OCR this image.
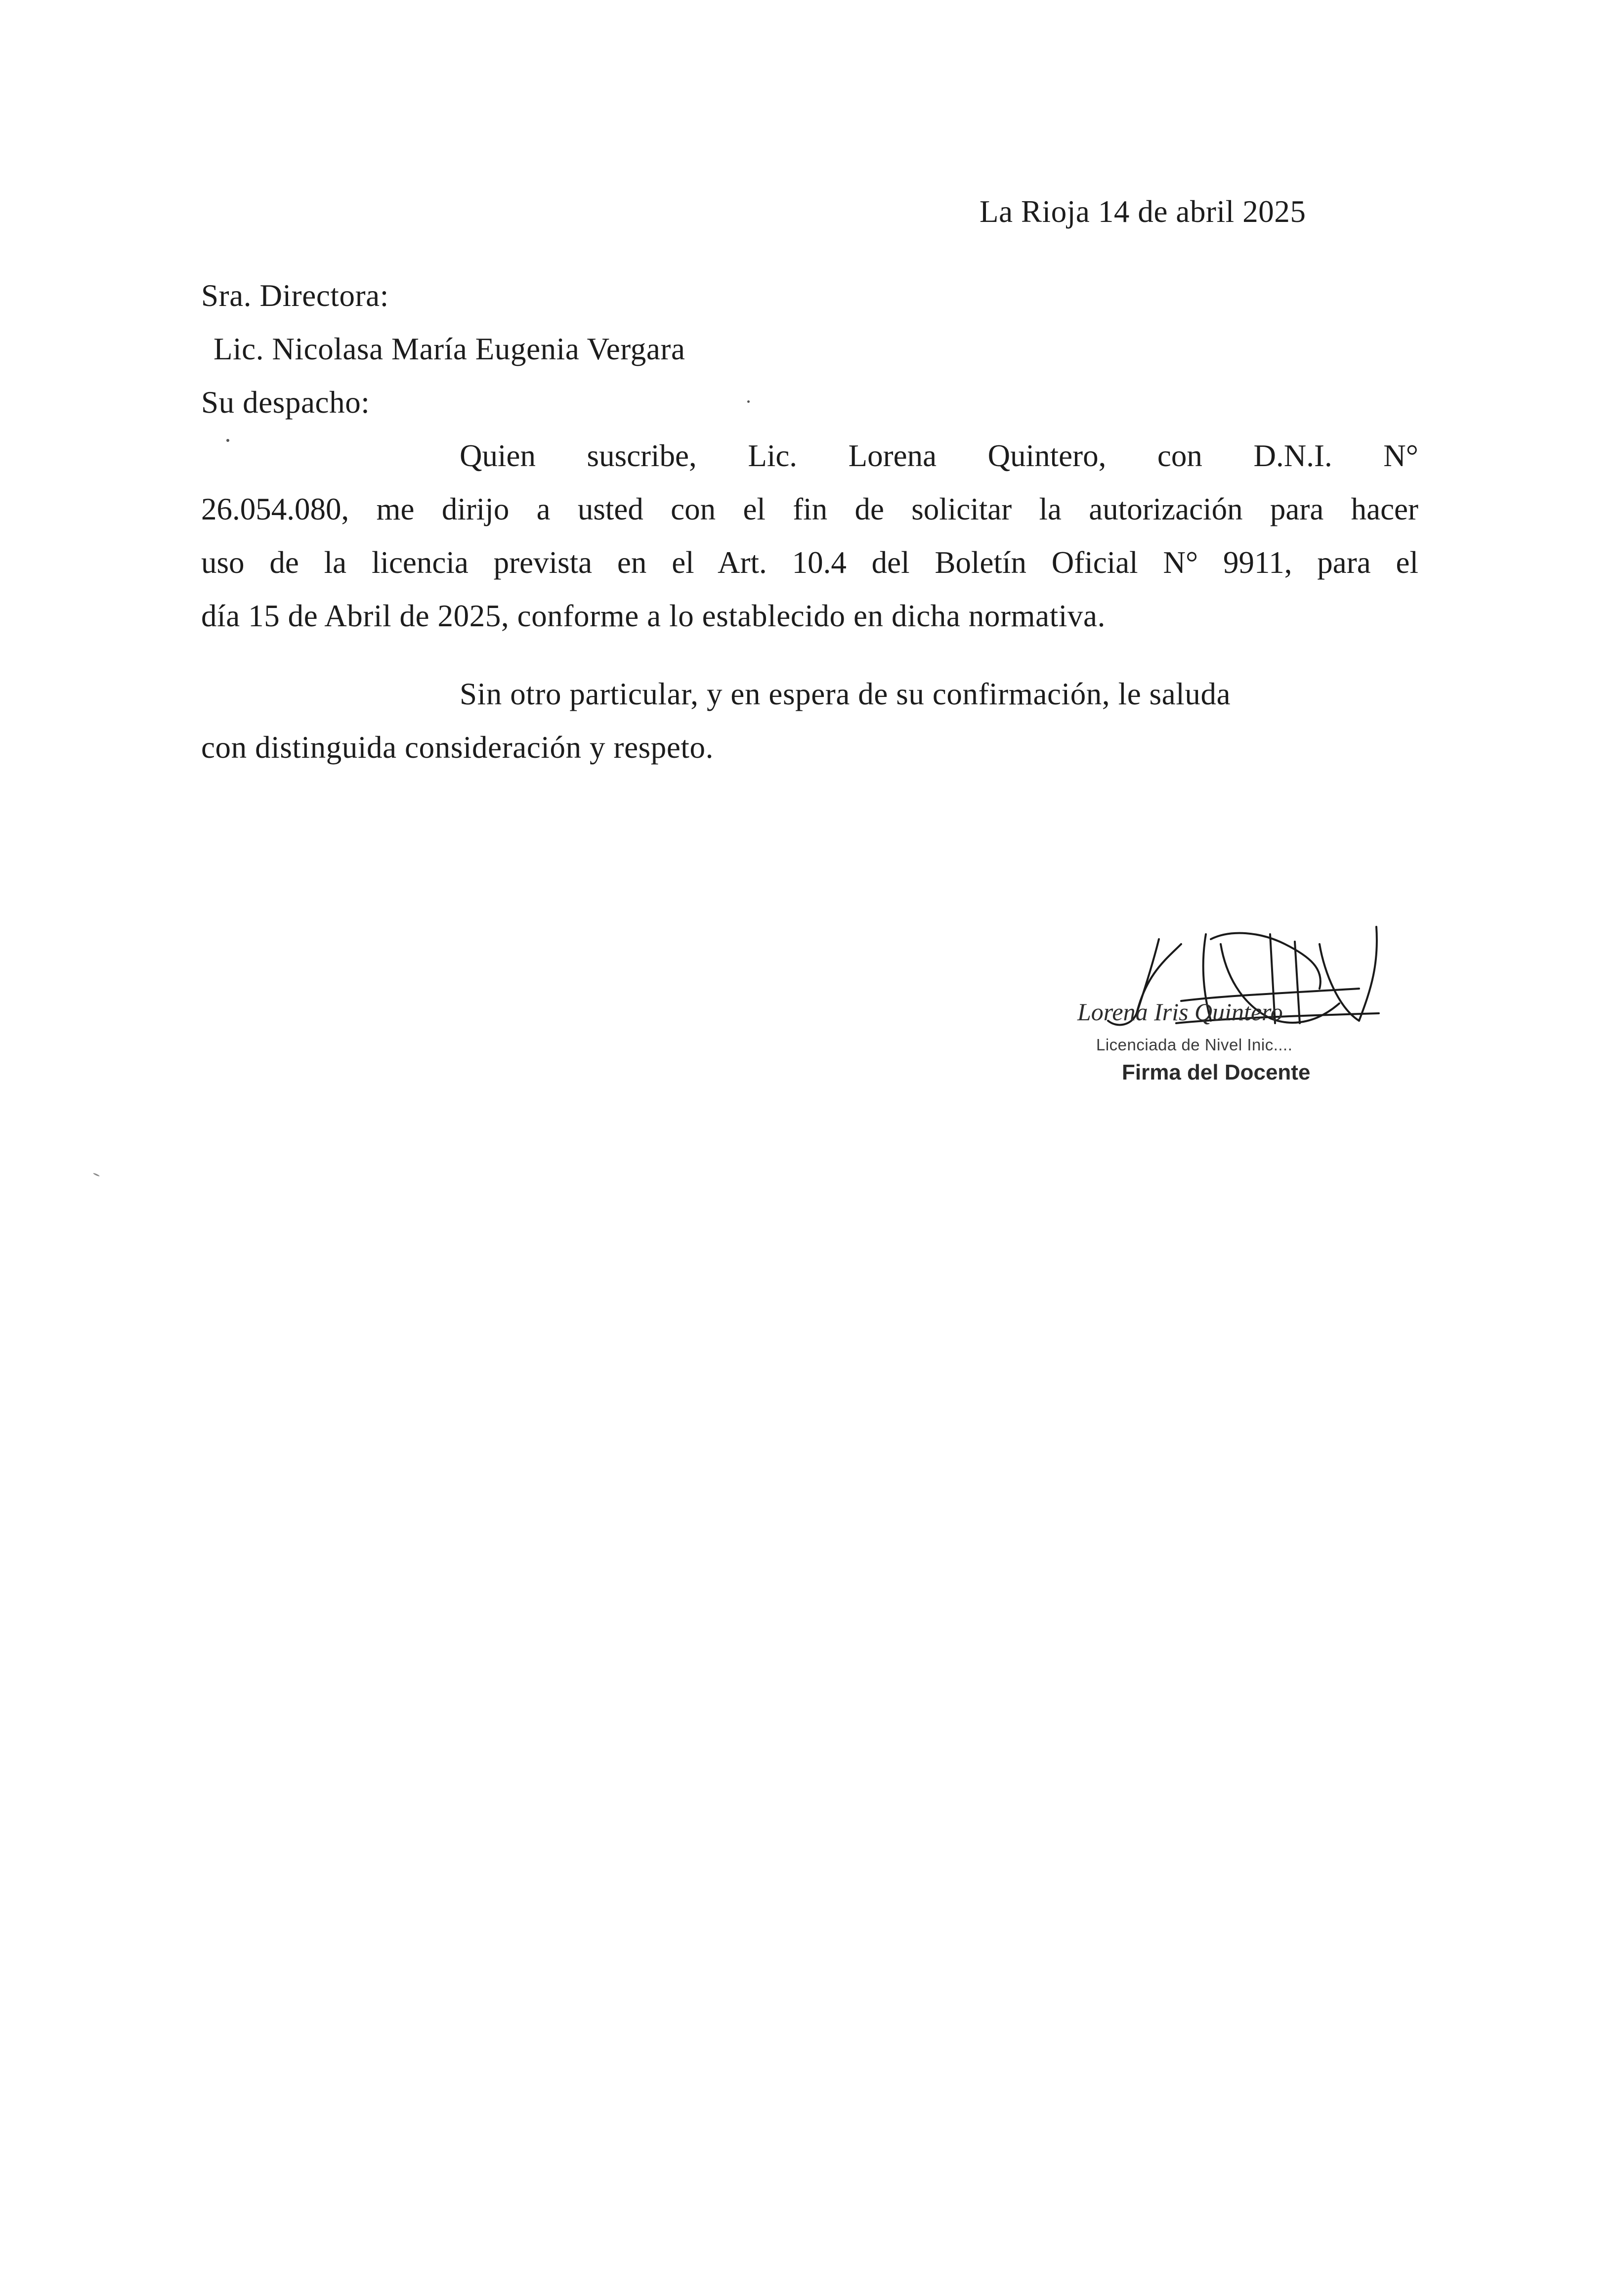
La Rioja 14 de abril 2025
Sra. Directora:
Lic. Nicolasa María Eugenia Vergara
Su despacho:
Quien suscribe, Lic. Lorena Quintero, con D.N.I. N°
26.054.080, me dirijo a usted con el fin de solicitar la autorización para hacer
uso de la licencia prevista en el Art. 10.4 del Boletín Oficial N° 9911, para el
día 15 de Abril de 2025, conforme a lo establecido en dicha normativa.
Sin otro particular, y en espera de su confirmación, le saluda
con distinguida consideración y respeto.
Lorena Iris Quintero
Licenciada de Nivel Inic....
Firma del Docente
